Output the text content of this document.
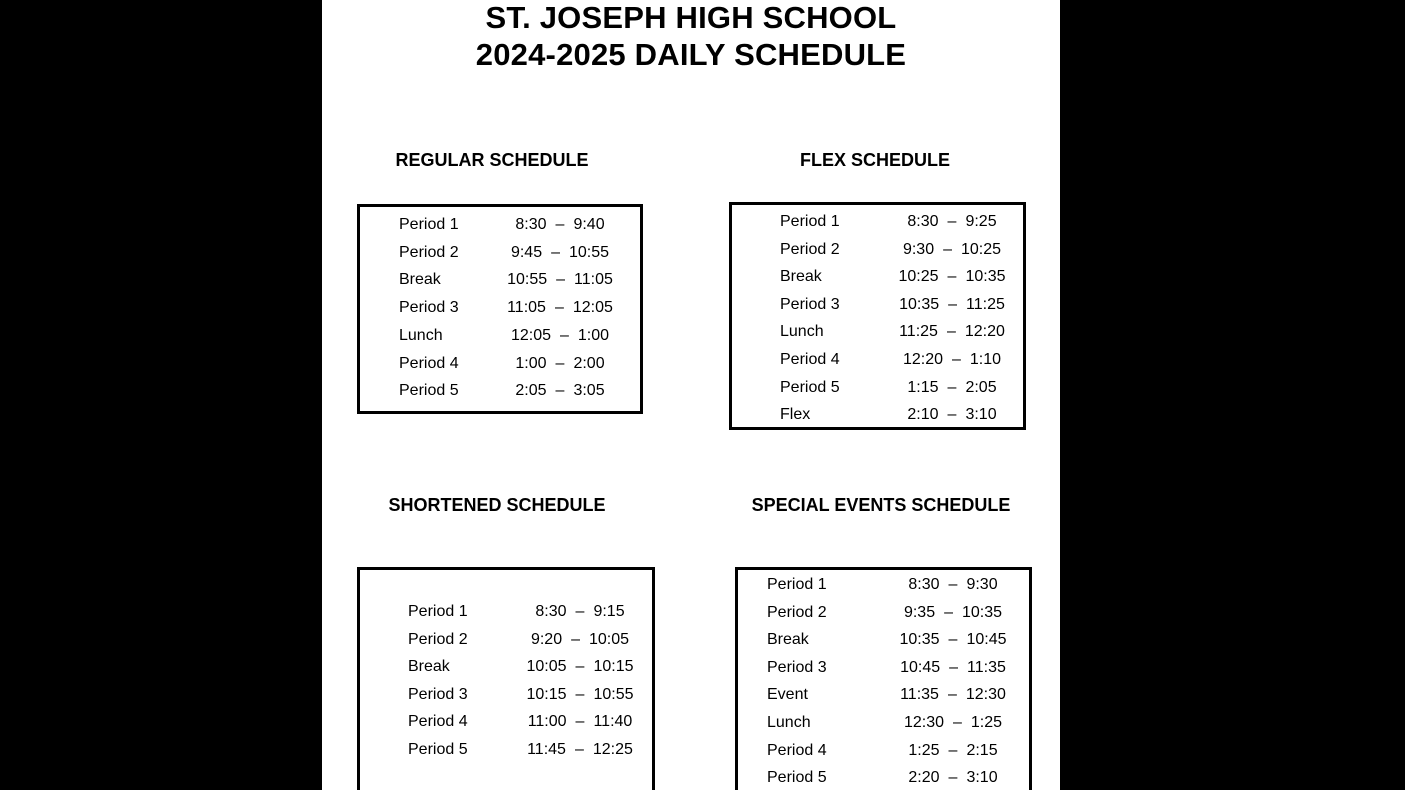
ST. JOSEPH HIGH SCHOOL
2024-2025 DAILY SCHEDULE
REGULAR SCHEDULE
Period 1	8:30 – 9:40
Period 2	9:45 – 10:55
Break	10:55 – 11:05
Period 3	11:05 – 12:05
Lunch	12:05 – 1:00
Period 4	1:00 – 2:00
Period 5	2:05 – 3:05
FLEX SCHEDULE
Period 1	8:30 – 9:25
Period 2	9:30 – 10:25
Break	10:25 – 10:35
Period 3	10:35 – 11:25
Lunch	11:25 – 12:20
Period 4	12:20 – 1:10
Period 5	1:15 – 2:05
Flex	2:10 – 3:10
SHORTENED SCHEDULE
Period 1	8:30 – 9:15
Period 2	9:20 – 10:05
Break	10:05 – 10:15
Period 3	10:15 – 10:55
Period 4	11:00 – 11:40
Period 5	11:45 – 12:25
SPECIAL EVENTS SCHEDULE
Period 1	8:30 – 9:30
Period 2	9:35 – 10:35
Break	10:35 – 10:45
Period 3	10:45 – 11:35
Event	11:35 – 12:30
Lunch	12:30 – 1:25
Period 4	1:25 – 2:15
Period 5	2:20 – 3:10
